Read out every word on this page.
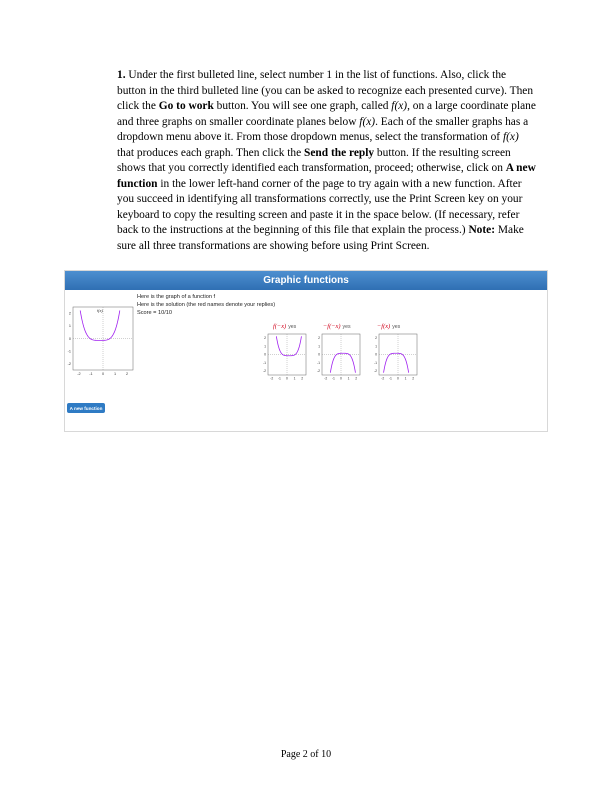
1. Under the first bulleted line, select number 1 in the list of functions. Also, click the button in the third bulleted line (you can be asked to recognize each presented curve). Then click the Go to work button. You will see one graph, called f(x), on a large coordinate plane and three graphs on smaller coordinate planes below f(x). Each of the smaller graphs has a dropdown menu above it. From those dropdown menus, select the transformation of f(x) that produces each graph. Then click the Send the reply button. If the resulting screen shows that you correctly identified each transformation, proceed; otherwise, click on A new function in the lower left-hand corner of the page to try again with a new function. After you succeed in identifying all transformations correctly, use the Print Screen key on your keyboard to copy the resulting screen and paste it in the space below. (If necessary, refer back to the instructions at the beginning of this file that explain the process.) Note: Make sure all three transformations are showing before using Print Screen.
Graphic functions
Here is the graph of a function f
Here is the solution (the red names denote your replies)
Score = 10/10
-2 -1 0	1	2
2
1
0
-1
-2
f(x)
f(−x) yes	−f(−x) yes	−f(x) yes
-2 -1 0 1 2
2
1
0
-1
-2
-2 -1 0 1 2
2
1
0
-1
-2
-2 -1 0 1 2
2
1
0
-1
-2
A new function
Page 2 of 10
